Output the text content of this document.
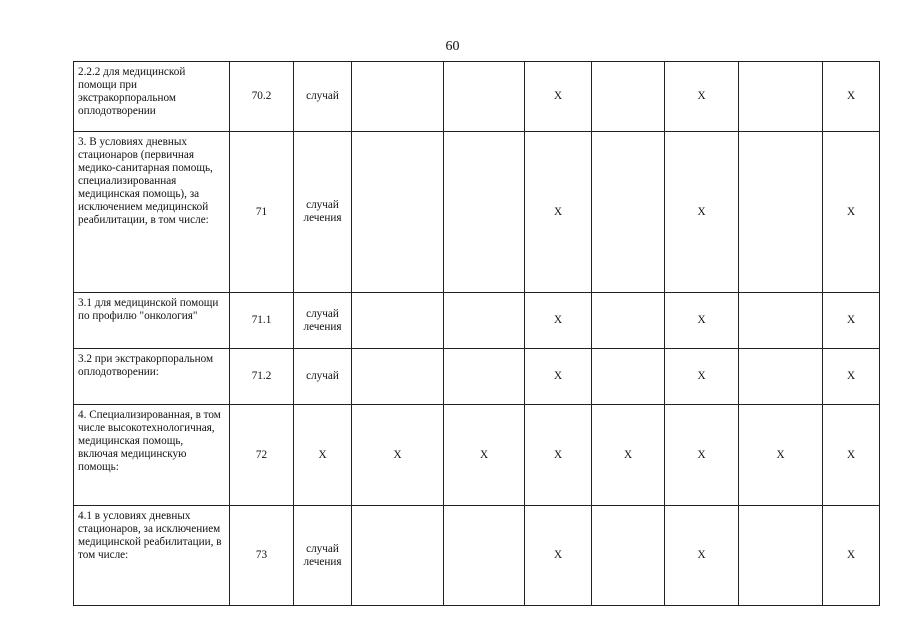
60
2.2.2 для медицинской помощи при экстракорпоральном оплодотворении	70.2	случай			X		X		X
3. В условиях дневных стационаров (первичная медико-санитарная помощь, специализированная медицинская помощь), за исключением медицинской реабилитации, в том числе:	71	случай лечения			X		X		X
3.1 для медицинской помощи по профилю "онкология"	71.1	случай лечения			X		X		X
3.2 при экстракорпоральном оплодотворении:	71.2	случай			X		X		X
4. Специализированная, в том числе высокотехнологичная, медицинская помощь, включая медицинскую помощь:	72	X	X	X	X	X	X	X	X
4.1 в условиях дневных стационаров, за исключением медицинской реабилитации, в том числе:	73	случай лечения			X		X		X
